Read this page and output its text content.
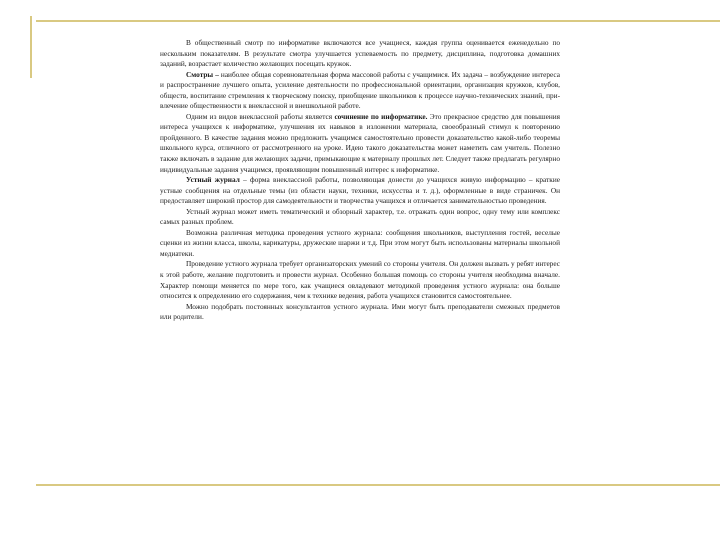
В общественный смотр по информатике включаются все учащиеся, каждая группа оценивается еженедельно по нескольким показателям. В результате смотра улучшается успеваемость по предмету, дисциплина, подготовка домашних заданий, возрастает количество желающих посещать кружок.

Смотры – наиболее общая соревновательная форма массовой работы с учащимися. Их задача – возбуждение интереса и распространение лучшего опыта, усиление деятельности по профессиональной ориентации, организация кружков, клубов, обществ, воспитание стремления к творческому поиску, приобщение школьников к процессе научно-технических знаний, привлечение общественности к внеклассной и внешкольной работе.

Одним из видов внеклассной работы является сочинение по информатике. Это прекрасное средство для повышения интереса учащихся к информатике, улучшения их навыков в изложении материала, своеобразный стимул к повторению пройденного. В качестве задания можно предложить учащимся самостоятельно провести доказательство какой-либо теоремы школьного курса, отличного от рассмотренного на уроке. Идею такого доказательства может наметить сам учитель. Полезно также включать в задание для желающих задачи, примыкающие к материалу прошлых лет. Следует также предлагать регулярно индивидуальные задания учащимся, проявляющим повышенный интерес к информатике.

Устный журнал – форма внеклассной работы, позволяющая донести до учащихся живую информацию – краткие устные сообщения на отдельные темы (из области науки, техники, искусства и т. д.), оформленные в виде страничек. Он предоставляет широкий простор для самодеятельности и творчества учащихся и отличается занимательностью проведения.

Устный журнал может иметь тематический и обзорный характер, т.е. отражать один вопрос, одну тему или комплекс самых разных проблем.

Возможна различная методика проведения устного журнала: сообщения школьников, выступления гостей, веселые сценки из жизни класса, школы, карикатуры, дружеские шаржи и т.д. При этом могут быть использованы материалы школьной медиатеки.

Проведение устного журнала требует организаторских умений со стороны учителя. Он должен вызвать у ребят интерес к этой работе, желание подготовить и провести журнал. Особенно большая помощь со стороны учителя необходима вначале. Характер помощи меняется по мере того, как учащиеся овладевают методикой проведения устного журнала: она больше относится к определению его содержания, чем к технике ведения, работа учащихся становится самостоятельнее.

Можно подобрать постоянных консультантов устного журнала. Ими могут быть преподаватели смежных предметов или родители.
